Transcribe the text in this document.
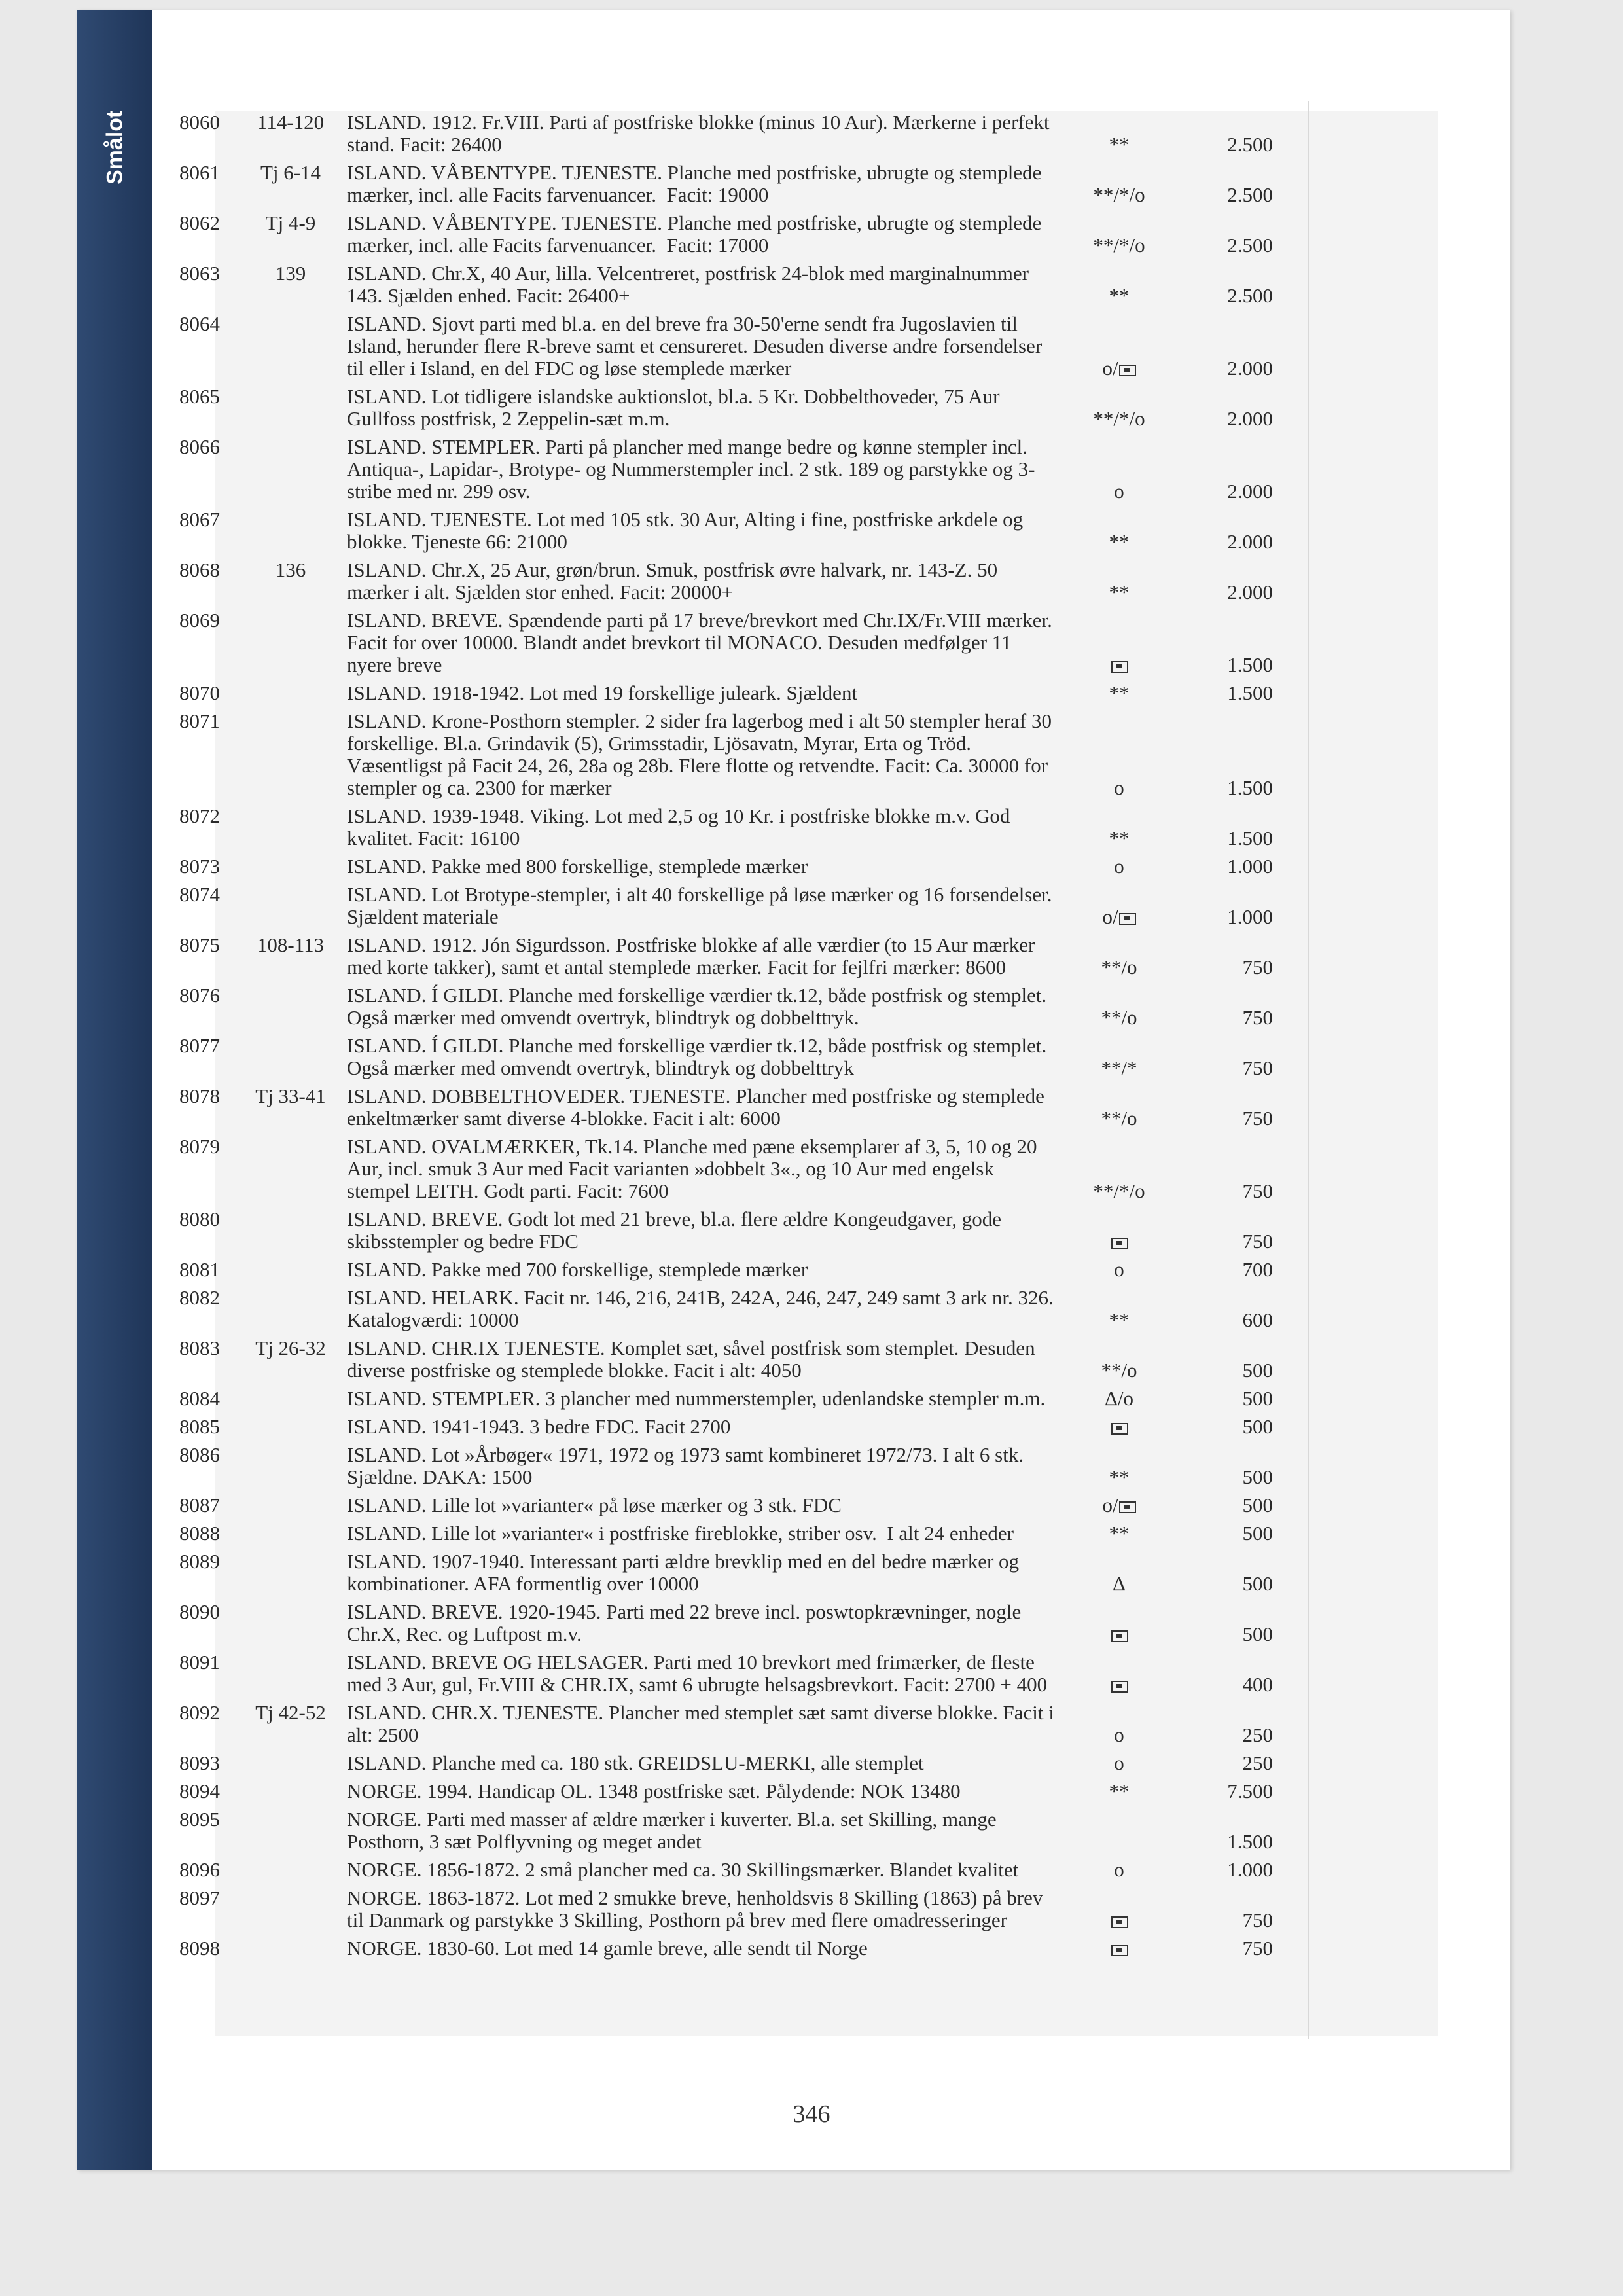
Smålot	8060	114-120	ISLAND. 1912. Fr.VIII. Parti af postfriske blokke (minus 10 Aur). Mærkerne i perfekt stand. Facit: 26400	**	2.500
8061	Tj 6-14	ISLAND. VÅBENTYPE. TJENESTE. Planche med postfriske, ubrugte og stemplede mærker, incl. alle Facits farvenuancer.  Facit: 19000	**/*/o	2.500
8062	Tj 4-9	ISLAND. VÅBENTYPE. TJENESTE. Planche med postfriske, ubrugte og stemplede mærker, incl. alle Facits farvenuancer.  Facit: 17000	**/*/o	2.500
8063	139	ISLAND. Chr.X, 40 Aur, lilla. Velcentreret, postfrisk 24-blok med marginalnummer 143. Sjælden enhed. Facit: 26400+	**	2.500
8064	ISLAND. Sjovt parti med bl.a. en del breve fra 30-50'erne sendt fra Jugoslavien til Island, herunder flere R-breve samt et censureret. Desuden diverse andre forsendelser til eller i Island, en del FDC og løse stemplede mærker	o/	2.000
8065	ISLAND. Lot tidligere islandske auktionslot, bl.a. 5 Kr. Dobbelthoveder, 75 Aur Gullfoss postfrisk, 2 Zeppelin-sæt m.m.	**/*/o	2.000
8066	ISLAND. STEMPLER. Parti på plancher med mange bedre og kønne stempler incl. Antiqua-, Lapidar-, Brotype- og Nummerstempler incl. 2 stk. 189 og parstykke og 3-stribe med nr. 299 osv.	o	2.000
8067	ISLAND. TJENESTE. Lot med 105 stk. 30 Aur, Alting i fine, postfriske arkdele og blokke. Tjeneste 66: 21000	**	2.000
8068	136	ISLAND. Chr.X, 25 Aur, grøn/brun. Smuk, postfrisk øvre halvark, nr. 143-Z. 50 mærker i alt. Sjælden stor enhed. Facit: 20000+	**	2.000
8069	ISLAND. BREVE. Spændende parti på 17 breve/brevkort med Chr.IX/Fr.VIII mærker. Facit for over 10000. Blandt andet brevkort til MONACO. Desuden medfølger 11 nyere breve	1.500
8070	ISLAND. 1918-1942. Lot med 19 forskellige juleark. Sjældent	**	1.500
8071	ISLAND. Krone-Posthorn stempler. 2 sider fra lagerbog med i alt 50 stempler heraf 30 forskellige. Bl.a. Grindavik (5), Grimsstadir, Ljösavatn, Myrar, Erta og Tröd. Væsentligst på Facit 24, 26, 28a og 28b. Flere flotte og retvendte. Facit: Ca. 30000 for stempler og ca. 2300 for mærker	o	1.500
8072	ISLAND. 1939-1948. Viking. Lot med 2,5 og 10 Kr. i postfriske blokke m.v. God kvalitet. Facit: 16100	**	1.500
8073	ISLAND. Pakke med 800 forskellige, stemplede mærker	o	1.000
8074	ISLAND. Lot Brotype-stempler, i alt 40 forskellige på løse mærker og 16 forsendelser. Sjældent materiale	o/	1.000
8075	108-113	ISLAND. 1912. Jón Sigurdsson. Postfriske blokke af alle værdier (to 15 Aur mærker med korte takker), samt et antal stemplede mærker. Facit for fejlfri mærker: 8600	**/o	750
8076	ISLAND. Í GILDI. Planche med forskellige værdier tk.12, både postfrisk og stemplet. Også mærker med omvendt overtryk, blindtryk og dobbelttryk.	**/o	750
8077	ISLAND. Í GILDI. Planche med forskellige værdier tk.12, både postfrisk og stemplet. Også mærker med omvendt overtryk, blindtryk og dobbelttryk	**/*	750
8078	Tj 33-41	ISLAND. DOBBELTHOVEDER. TJENESTE. Plancher med postfriske og stemplede enkeltmærker samt diverse 4-blokke. Facit i alt: 6000	**/o	750
8079	ISLAND. OVALMÆRKER, Tk.14. Planche med pæne eksemplarer af 3, 5, 10 og 20 Aur, incl. smuk 3 Aur med Facit varianten »dobbelt 3«., og 10 Aur med engelsk stempel LEITH. Godt parti. Facit: 7600	**/*/o	750
8080	ISLAND. BREVE. Godt lot med 21 breve, bl.a. flere ældre Kongeudgaver, gode skibsstempler og bedre FDC	750
8081	ISLAND. Pakke med 700 forskellige, stemplede mærker	o	700
8082	ISLAND. HELARK. Facit nr. 146, 216, 241B, 242A, 246, 247, 249 samt 3 ark nr. 326. Katalogværdi: 10000	**	600
8083	Tj 26-32	ISLAND. CHR.IX TJENESTE. Komplet sæt, såvel postfrisk som stemplet. Desuden diverse postfriske og stemplede blokke. Facit i alt: 4050	**/o	500
8084	ISLAND. STEMPLER. 3 plancher med nummerstempler, udenlandske stempler m.m.	Δ/o	500
8085	ISLAND. 1941-1943. 3 bedre FDC. Facit 2700	500
8086	ISLAND. Lot »Årbøger« 1971, 1972 og 1973 samt kombineret 1972/73. I alt 6 stk. Sjældne. DAKA: 1500	**	500
8087	ISLAND. Lille lot »varianter« på løse mærker og 3 stk. FDC	o/	500
8088	ISLAND. Lille lot »varianter« i postfriske fireblokke, striber osv.  I alt 24 enheder	**	500
8089	ISLAND. 1907-1940. Interessant parti ældre brevklip med en del bedre mærker og kombinationer. AFA formentlig over 10000	Δ	500
8090	ISLAND. BREVE. 1920-1945. Parti med 22 breve incl. poswtopkrævninger, nogle Chr.X, Rec. og Luftpost m.v.	500
8091	ISLAND. BREVE OG HELSAGER. Parti med 10 brevkort med frimærker, de fleste med 3 Aur, gul, Fr.VIII & CHR.IX, samt 6 ubrugte helsagsbrevkort. Facit: 2700 + 400	400
8092	Tj 42-52	ISLAND. CHR.X. TJENESTE. Plancher med stemplet sæt samt diverse blokke. Facit i alt: 2500	o	250
8093	ISLAND. Planche med ca. 180 stk. GREIDSLU-MERKI, alle stemplet	o	250
8094	NORGE. 1994. Handicap OL. 1348 postfriske sæt. Pålydende: NOK 13480	**	7.500
8095	NORGE. Parti med masser af ældre mærker i kuverter. Bl.a. set Skilling, mange Posthorn, 3 sæt Polflyvning og meget andet	1.500
8096	NORGE. 1856-1872. 2 små plancher med ca. 30 Skillingsmærker. Blandet kvalitet	o	1.000
8097	NORGE. 1863-1872. Lot med 2 smukke breve, henholdsvis 8 Skilling (1863) på brev til Danmark og parstykke 3 Skilling, Posthorn på brev med flere omadresseringer	750
8098	NORGE. 1830-60. Lot med 14 gamle breve, alle sendt til Norge	750
346
